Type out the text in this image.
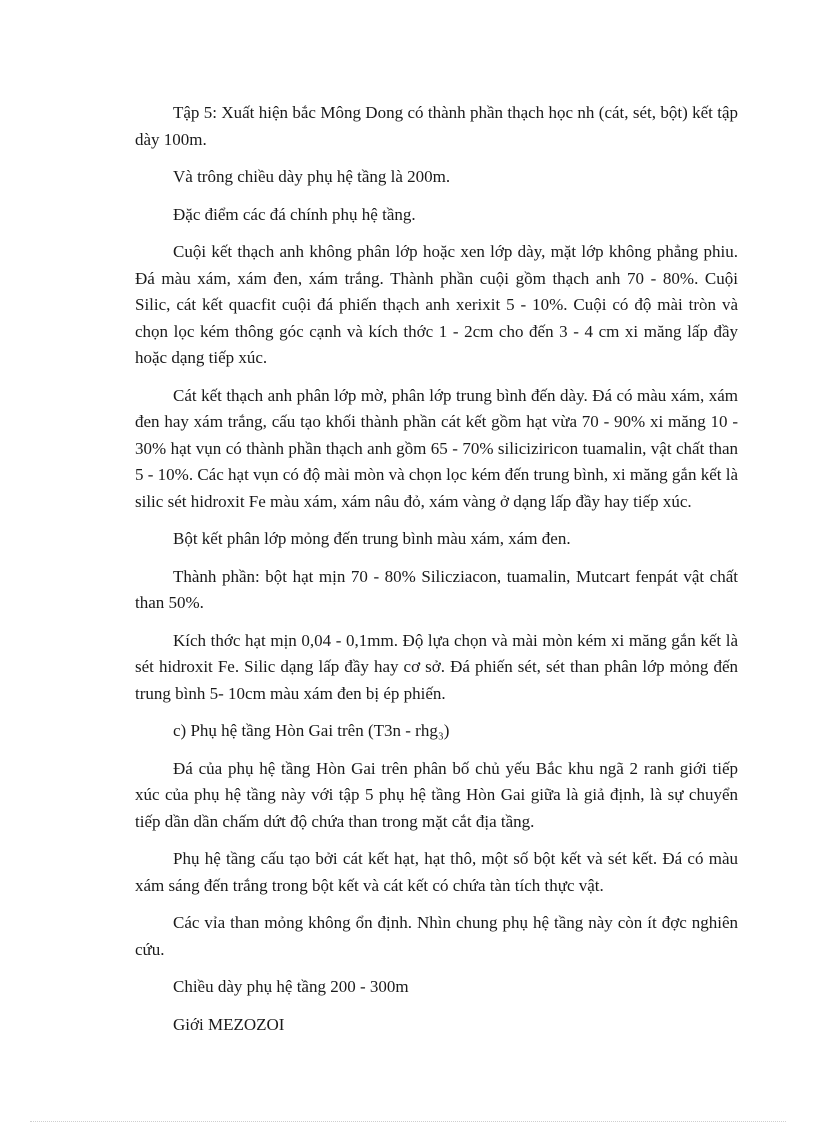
Tập 5: Xuất hiện bắc Mông Dong có thành phần thạch học nh (cát, sét, bột) kết tập dày 100m.

Và trông chiều dày phụ hệ tầng là 200m.

Đặc điểm các đá chính phụ hệ tầng.

Cuội kết thạch anh không phân lớp hoặc xen lớp dày, mặt lớp không phẳng phiu. Đá màu xám, xám đen, xám trắng. Thành phần cuội gồm thạch anh 70 - 80%. Cuội Silic, cát kết quacfit cuội đá phiến thạch anh xerixit 5 - 10%. Cuội có độ mài tròn và chọn lọc kém thông góc cạnh và kích thớc 1 - 2cm cho đến 3 - 4 cm xi măng lấp đầy hoặc dạng tiếp xúc.

Cát kết thạch anh phân lớp mờ, phân lớp trung bình đến dày. Đá có màu xám, xám đen hay xám trắng, cấu tạo khối thành phần cát kết gồm hạt vừa 70 - 90% xi măng 10 - 30% hạt vụn có thành phần thạch anh gồm 65 - 70% siliciziricon tuamalin, vật chất than 5 - 10%. Các hạt vụn có độ mài mòn và chọn lọc kém đến trung bình, xi măng gắn kết là silic sét hidroxit Fe màu xám, xám nâu đỏ, xám vàng ở dạng lấp đầy hay tiếp xúc.

Bột kết phân lớp mỏng đến trung bình màu xám, xám đen.

Thành phần: bột hạt mịn 70 - 80% Silicziacon, tuamalin, Mutcart fenpát vật chất than 50%.

Kích thớc hạt mịn 0,04 - 0,1mm. Độ lựa chọn và mài mòn kém xi măng gắn kết là sét hidroxit Fe. Silic dạng lấp đầy hay cơ sở. Đá phiến sét, sét than phân lớp mỏng đến trung bình 5- 10cm màu xám đen bị ép phiến.

c) Phụ hệ tầng Hòn Gai trên (T3n - rhg₃)

Đá của phụ hệ tầng Hòn Gai trên phân bố chủ yếu Bắc khu ngã 2 ranh giới tiếp xúc của phụ hệ tầng này với tập 5 phụ hệ tầng Hòn Gai giữa là giả định, là sự chuyển tiếp dần dần chấm dứt độ chứa than trong mặt cắt địa tầng.

Phụ hệ tầng cấu tạo bởi cát kết hạt, hạt thô, một số bột kết và sét kết. Đá có màu xám sáng đến trắng trong bột kết và cát kết có chứa tàn tích thực vật.

Các vỉa than mỏng không ổn định. Nhìn chung phụ hệ tầng này còn ít đợc nghiên cứu.

Chiều dày phụ hệ tầng 200 - 300m

Giới MEZOZOI
